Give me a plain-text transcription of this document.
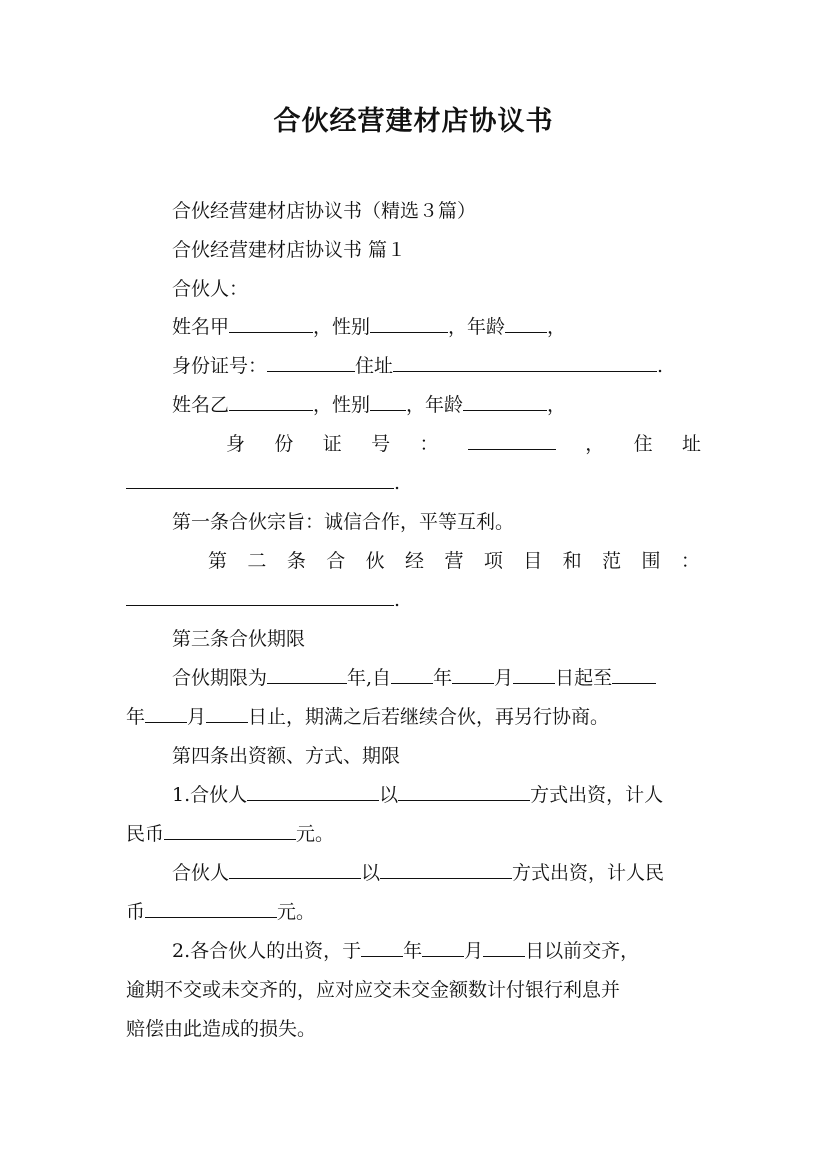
合伙经营建材店协议书
合伙经营建材店协议书（精选３篇）
合伙经营建材店协议书 篇１
合伙人：
姓名甲	，性别	，年龄 ，
身份证号：	住址	.
姓名乙	，性别 ，年龄	，
身 份 证 号 ：	， 住 址
.
第一条合伙宗旨：诚信合作，平等互利。
第 二 条 合 伙 经 营 项 目 和 范 围 ：
.
第三条合伙期限
合伙期限为	年,自 年 月 日起至
年 月 日止，期满之后若继续合伙，再另行协商。
第四条出资额、方式、期限
1.合伙人	以	方式出资，计人
民币	元。
合伙人	以	方式出资，计人民
币	元。
2.各合伙人的出资，于 年 月 日以前交齐，
逾期不交或未交齐的，应对应交未交金额数计付银行利息并
赔偿由此造成的损失。
